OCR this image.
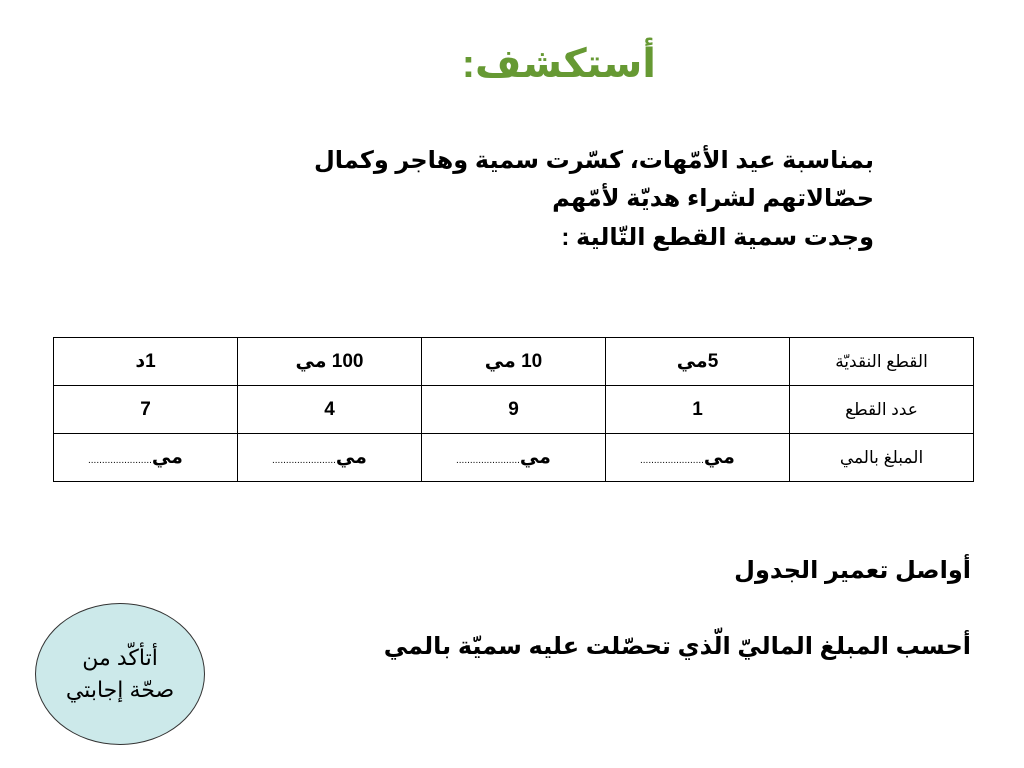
أستكشف:
بمناسبة عيد الأمّهات، كسّرت سمية وهاجر وكمال
حصّالاتهم لشراء هديّة لأمّهم
وجدت سمية القطع التّالية :
القطع النقديّة	5مي	10 مي	100 مي	1د
عدد القطع	1	9	4	7
المبلغ بالمي	مي.......................	مي.......................	مي.......................	مي.......................
أواصل تعمير الجدول
أحسب المبلغ الماليّ الّذي تحصّلت عليه سميّة بالمي
أتأكّد من
صحّة إجابتي
